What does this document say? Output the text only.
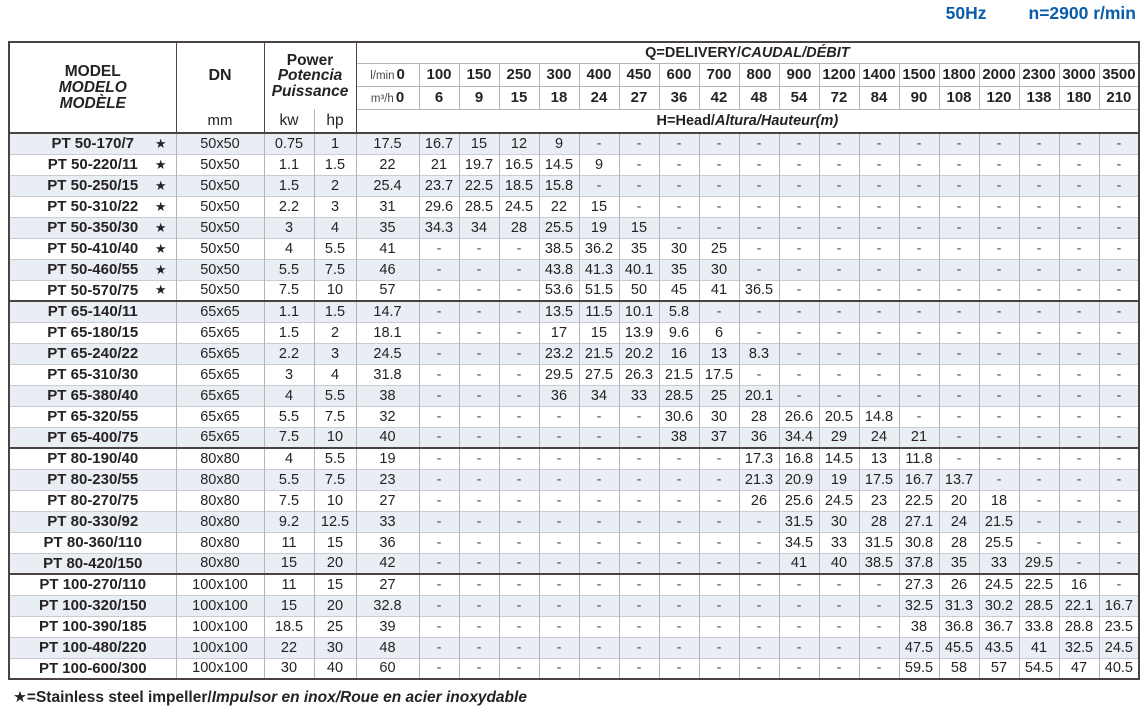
50Hz n=2900 r/min
MODEL
MODELO
MODÈLE
	DN	
Power
Potencia
Puissance
	Q=DELIVERY/CAUDAL/DÉBIT
				l/min 0	100	150	250	300	400	450	600	700	800	900	1200	1400	1500	1800	2000	2300	3000	3500
				m³/h 0	6	9	15	18	24	27	36	42	48	54	72	84	90	108	120	138	180	210
	mm	kw	hp	H=Head/Altura/Hauteur(m)																		
PT 50-170/7 ★	50x50	0.75	1	17.5	16.7	15	12	9	-	-	-	-	-	-	-	-	-	-	-	-	-	-
PT 50-220/11 ★	50x50	1.1	1.5	22	21	19.7	16.5	14.5	9	-	-	-	-	-	-	-	-	-	-	-	-	-
PT 50-250/15 ★	50x50	1.5	2	25.4	23.7	22.5	18.5	15.8	-	-	-	-	-	-	-	-	-	-	-	-	-	-
PT 50-310/22 ★	50x50	2.2	3	31	29.6	28.5	24.5	22	15	-	-	-	-	-	-	-	-	-	-	-	-	-
PT 50-350/30 ★	50x50	3	4	35	34.3	34	28	25.5	19	15	-	-	-	-	-	-	-	-	-	-	-	-
PT 50-410/40 ★	50x50	4	5.5	41	-	-	-	38.5	36.2	35	30	25	-	-	-	-	-	-	-	-	-	-
PT 50-460/55 ★	50x50	5.5	7.5	46	-	-	-	43.8	41.3	40.1	35	30	-	-	-	-	-	-	-	-	-	-
PT 50-570/75 ★	50x50	7.5	10	57	-	-	-	53.6	51.5	50	45	41	36.5	-	-	-	-	-	-	-	-	-
PT 65-140/11	65x65	1.1	1.5	14.7	-	-	-	13.5	11.5	10.1	5.8	-	-	-	-	-	-	-	-	-	-	-
PT 65-180/15	65x65	1.5	2	18.1	-	-	-	17	15	13.9	9.6	6	-	-	-	-	-	-	-	-	-	-
PT 65-240/22	65x65	2.2	3	24.5	-	-	-	23.2	21.5	20.2	16	13	8.3	-	-	-	-	-	-	-	-	-
PT 65-310/30	65x65	3	4	31.8	-	-	-	29.5	27.5	26.3	21.5	17.5	-	-	-	-	-	-	-	-	-	-
PT 65-380/40	65x65	4	5.5	38	-	-	-	36	34	33	28.5	25	20.1	-	-	-	-	-	-	-	-	-
PT 65-320/55	65x65	5.5	7.5	32	-	-	-	-	-	-	30.6	30	28	26.6	20.5	14.8	-	-	-	-	-	-
PT 65-400/75	65x65	7.5	10	40	-	-	-	-	-	-	38	37	36	34.4	29	24	21	-	-	-	-	-
PT 80-190/40	80x80	4	5.5	19	-	-	-	-	-	-	-	-	17.3	16.8	14.5	13	11.8	-	-	-	-	-
PT 80-230/55	80x80	5.5	7.5	23	-	-	-	-	-	-	-	-	21.3	20.9	19	17.5	16.7	13.7	-	-	-	-
PT 80-270/75	80x80	7.5	10	27	-	-	-	-	-	-	-	-	26	25.6	24.5	23	22.5	20	18	-	-	-
PT 80-330/92	80x80	9.2	12.5	33	-	-	-	-	-	-	-	-	-	31.5	30	28	27.1	24	21.5	-	-	-
PT 80-360/110	80x80	11	15	36	-	-	-	-	-	-	-	-	-	34.5	33	31.5	30.8	28	25.5	-	-	-
PT 80-420/150	80x80	15	20	42	-	-	-	-	-	-	-	-	-	41	40	38.5	37.8	35	33	29.5	-	-
PT 100-270/110	100x100	11	15	27	-	-	-	-	-	-	-	-	-	-	-	-	27.3	26	24.5	22.5	16	-
PT 100-320/150	100x100	15	20	32.8	-	-	-	-	-	-	-	-	-	-	-	-	32.5	31.3	30.2	28.5	22.1	16.7
PT 100-390/185	100x100	18.5	25	39	-	-	-	-	-	-	-	-	-	-	-	-	38	36.8	36.7	33.8	28.8	23.5
PT 100-480/220	100x100	22	30	48	-	-	-	-	-	-	-	-	-	-	-	-	47.5	45.5	43.5	41	32.5	24.5
PT 100-600/300	100x100	30	40	60	-	-	-	-	-	-	-	-	-	-	-	-	59.5	58	57	54.5	47	40.5
★=Stainless steel impeller/Impulsor en inox/Roue en acier inoxydable
